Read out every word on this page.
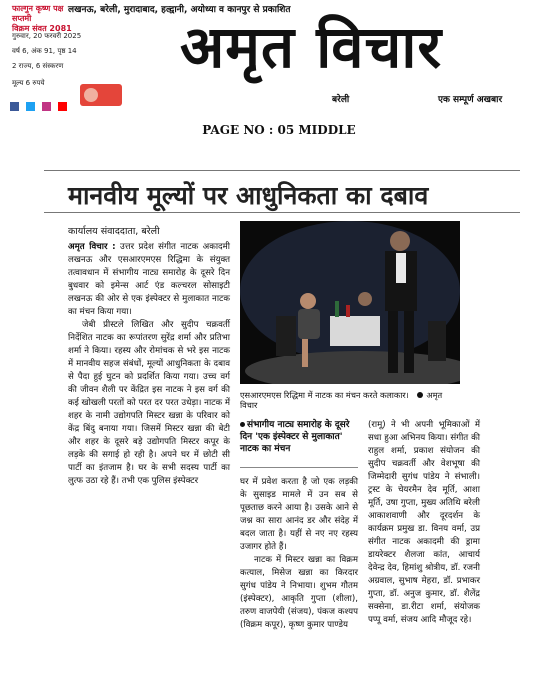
लखनऊ, बरेली, मुरादाबाद, हल्द्वानी, अयोध्या व कानपुर से प्रकाशित
फाल्गुन कृष्ण पक्ष सप्तमी
विक्रम संवत 2081
गुरुवार, 20 फरवरी 2025
वर्ष 6, अंक 91, पृष्ठ 14
2 राज्य, 6 संस्करण
मूल्य 6 रुपये

अमृत विचार
बरेली	एक सम्पूर्ण अखबार
PAGE NO : 05 MIDDLE
मानवीय मूल्यों पर आधुनिकता का दबाव
कार्यालय संवाददाता, बरेली

अमृत विचार : उत्तर प्रदेश संगीत नाटक अकादमी लखनऊ और एसआरएमएस रिद्धिमा के संयुक्त तत्वावधान में संभागीय नाट्य समारोह के दूसरे दिन बुधवार को इमेन्स आर्ट एंड कल्चरल सोसाइटी लखनऊ की ओर से एक इंस्पेक्टर से मुलाकात नाटक का मंचन किया गया।

जेबी प्रीस्टले लिखित और सुदीप चक्रवर्ती निर्देशित नाटक का रूपांतरण सुरेंद्र शर्मा और प्रतिभा शर्मा ने किया। रहस्य और रोमांचक से भरे इस नाटक में मानवीय सहज संबंधों, मूल्यों आधुनिकता के दबाव से पैदा हुई घुटन को प्रदर्शित किया गया। उच्च वर्ग की जीवन शैली पर केंद्रित इस नाटक ने इस वर्ग की कई खोखली परतों को परत दर परत उधेड़ा। नाटक में शहर के नामी उद्योगपति मिस्टर खन्ना के परिवार को केंद्र बिंदु बनाया गया। जिसमें मिस्टर खन्ना की बेटी और शहर के दूसरे बड़े उद्योगपति मिस्टर कपूर के लड़के की सगाई हो रही है। अपने घर में छोटी सी पार्टी का इंतजाम है। घर के सभी सदस्य पार्टी का लुत्फ उठा रहे हैं। तभी एक पुलिस इंस्पेक्टर

एसआरएमएस रिद्धिमा में नाटक का मंचन करते कलाकार। अमृत विचार
संभागीय नाट्य समारोह के दूसरे दिन 'एक इंस्पेक्टर से मुलाकात' नाटक का मंचन

घर में प्रवेश करता है जो एक लड़की के सुसाइड मामले में उन सब से पूछताछ करने आया है। उसके आने से जश्न का सारा आनंद डर और संदेह में बदल जाता है। यहीं से नए नए रहस्य उजागर होते हैं।

नाटक में मिस्टर खन्ना का विक्रम कत्याल, मिसेज खन्ना का किरदार सुगंध पांडेय ने निभाया। शुभम गौतम (इंस्पेक्टर), आकृति गुप्ता (शीला), तरुण वाजपेयी (संजय), पंकज कश्यप (विक्रम कपूर), कृष्ण कुमार पाण्डेय

(रामू) ने भी अपनी भूमिकाओं में सधा हुआ अभिनय किया। संगीत की राहुल शर्मा, प्रकाश संयोजन की सुदीप चक्रवर्ती और वेशभूषा की जिम्मेदारी सुगंध पांडेय ने संभाली। ट्रस्ट के चेयरमैन देव मूर्ति, आशा मूर्ति, उषा गुप्ता, मुख्य अतिथि बरेली आकाशवाणी और दूरदर्शन के कार्यक्रम प्रमुख डा. विनय वर्मा, उप्र संगीत नाटक अकादमी की ड्रामा डायरेक्टर शैलजा कांत, आचार्य देवेन्द्र देव, हिमांशु श्रोत्रीय, डॉ. रजनी अग्रवाल, सुभाष मेहरा, डॉ. प्रभाकर गुप्ता, डॉ. अनुज कुमार, डॉ. शैलेंद्र सक्सेना, डा.रीटा शर्मा, संयोजक पप्पू वर्मा, संजय आदि मौजूद रहे।
